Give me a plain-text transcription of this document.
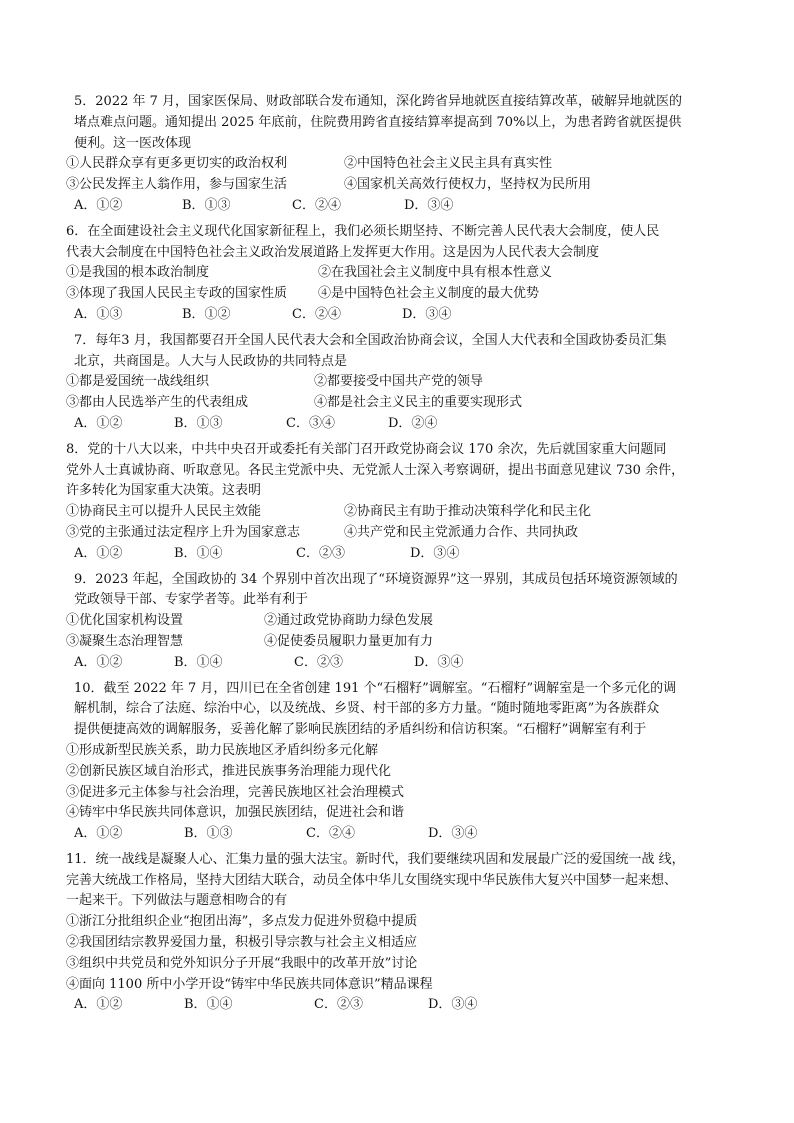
5．2022 年 7 月，国家医保局、财政部联合发布通知，深化跨省异地就医直接结算改革，破解异地就医的

堵点难点问题。通知提出 2025 年底前，住院费用跨省直接结算率提高到 70%以上，为患者跨省就医提供

便利。这一医改体现

①人民群众享有更多更切实的政治权利	②中国特色社会主义民主具有真实性
③公民发挥主人翁作用，参与国家生活	④国家机关高效行使权力，坚持权为民所用
A．①②	B．①③	C．②④	D．③④

6．在全面建设社会主义现代化国家新征程上，我们必须长期坚持、不断完善人民代表大会制度，使人民

代表大会制度在中国特色社会主义政治发展道路上发挥更大作用。这是因为人民代表大会制度

①是我国的根本政治制度	②在我国社会主义制度中具有根本性意义
③体现了我国人民民主专政的国家性质	④是中国特色社会主义制度的最大优势
A．①③	B．①②	C．②④	D．③④

7．每年3 月，我国都要召开全国人民代表大会和全国政治协商会议，全国人大代表和全国政协委员汇集

北京，共商国是。人大与人民政协的共同特点是

①都是爱国统一战线组织	②都要接受中国共产党的领导
③都由人民选举产生的代表组成	④都是社会主义民主的重要实现形式
A．①②	B．①③	C．③④	D．②④

8．党的十八大以来，中共中央召开或委托有关部门召开政党协商会议 170 余次，先后就国家重大问题同

党外人士真诚协商、听取意见。各民主党派中央、无党派人士深入考察调研，提出书面意见建议 730 余件，

许多转化为国家重大决策。这表明

①协商民主可以提升人民民主效能	②协商民主有助于推动决策科学化和民主化
③党的主张通过法定程序上升为国家意志	④共产党和民主党派通力合作、共同执政
A．①②	B．①④	C．②③	D．③④

9．2023 年起，全国政协的 34 个界别中首次出现了“环境资源界”这一界别，其成员包括环境资源领域的

党政领导干部、专家学者等。此举有利于

①优化国家机构设置	②通过政党协商助力绿色发展
③凝聚生态治理智慧	④促使委员履职力量更加有力
A．①②	B．①④	C．②③	D．③④

10．截至 2022 年 7 月，四川已在全省创建 191 个“石榴籽”调解室。“石榴籽”调解室是一个多元化的调

解机制，综合了法庭、综治中心，以及统战、乡贤、村干部的多方力量。“随时随地零距离”为各族群众

提供便捷高效的调解服务，妥善化解了影响民族团结的矛盾纠纷和信访积案。“石榴籽”调解室有利于

①形成新型民族关系，助力民族地区矛盾纠纷多元化解

②创新民族区域自治形式，推进民族事务治理能力现代化

③促进多元主体参与社会治理，完善民族地区社会治理模式

④铸牢中华民族共同体意识，加强民族团结，促进社会和谐

A．①②	B．①③	C．②④	D．③④

11．统一战线是凝聚人心、汇集力量的强大法宝。新时代，我们要继续巩固和发展最广泛的爱国统一战 线，

完善大统战工作格局，坚持大团结大联合，动员全体中华儿女围绕实现中华民族伟大复兴中国梦一起来想、

一起来干。下列做法与题意相吻合的有

①浙江分批组织企业“抱团出海”，多点发力促进外贸稳中提质

②我国团结宗教界爱国力量，积极引导宗教与社会主义相适应

③组织中共党员和党外知识分子开展“我眼中的改革开放”讨论

④面向 1100 所中小学开设“铸牢中华民族共同体意识”精品课程

A．①②	B．①④	C．②③	D．③④
